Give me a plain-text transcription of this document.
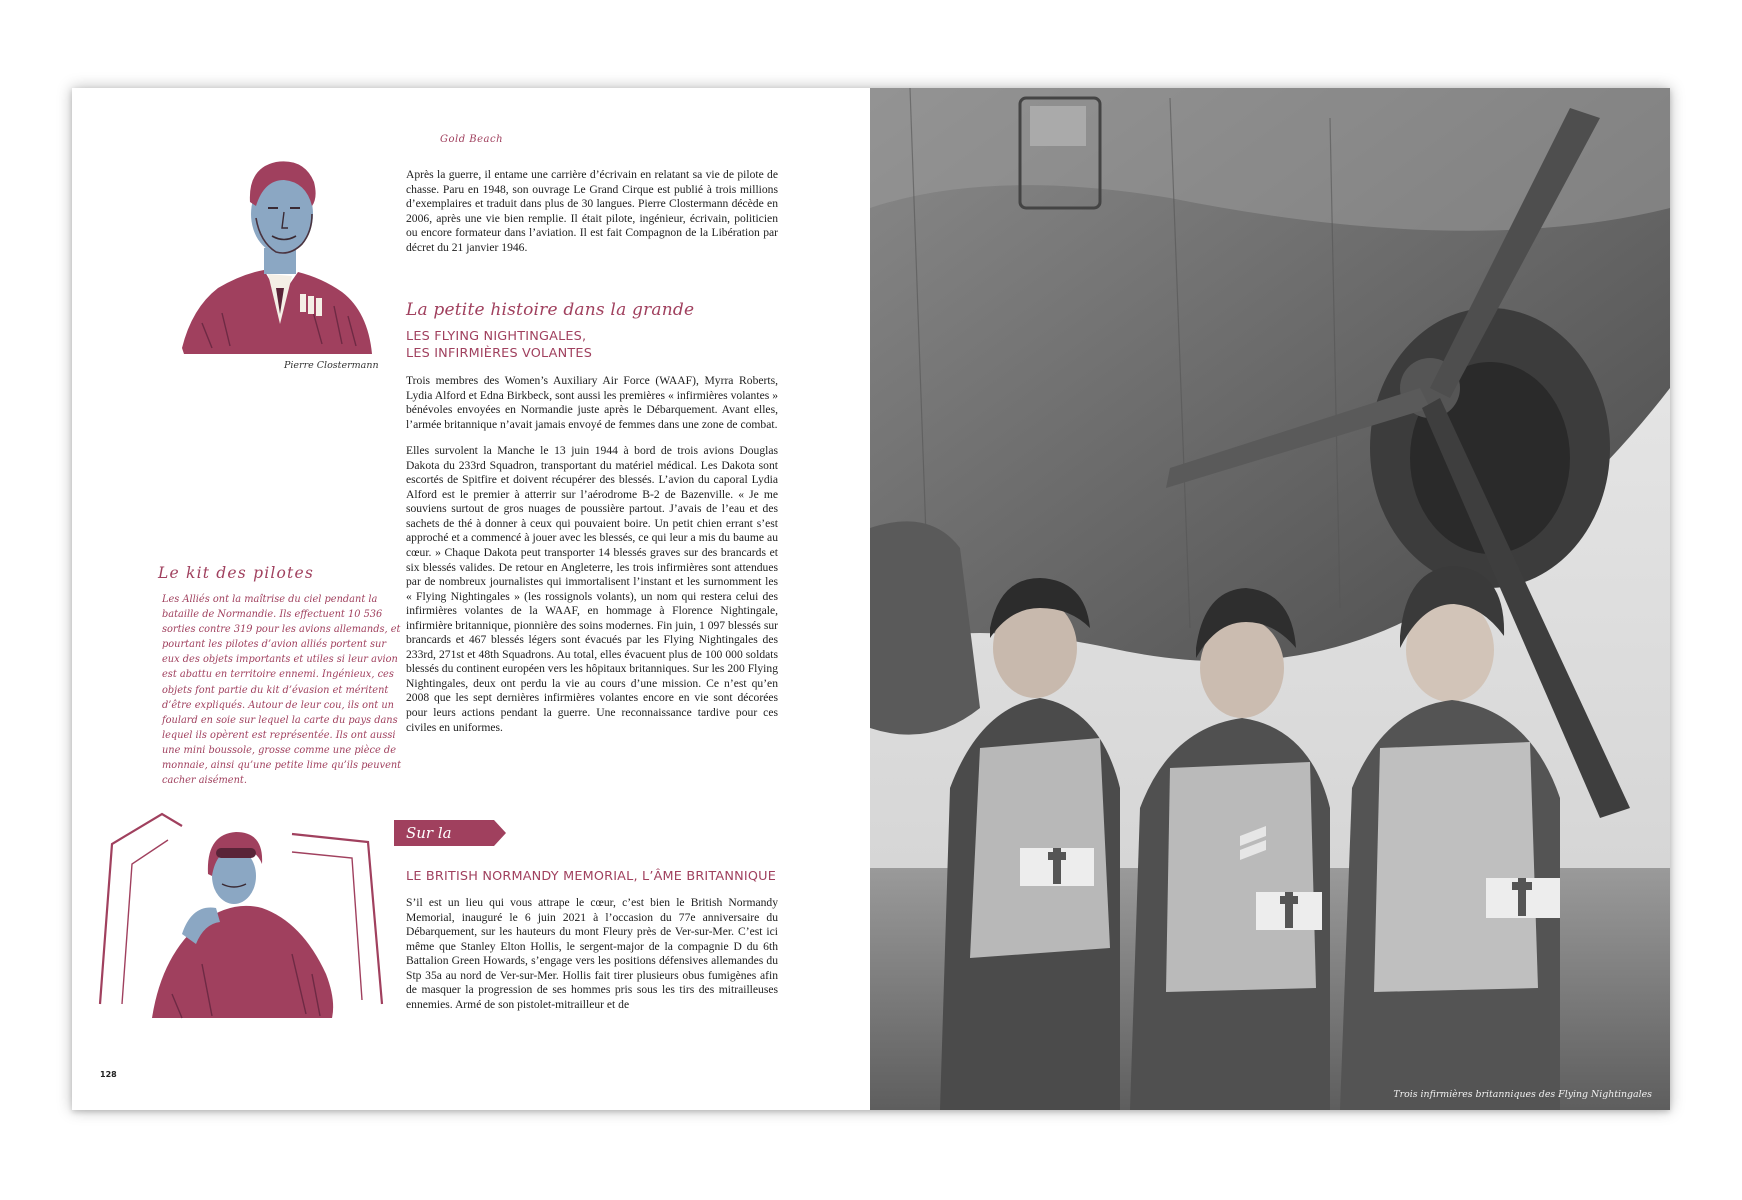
Gold Beach
Pierre Clostermann

Après la guerre, il entame une carrière d’écrivain en relatant sa vie de pilote de chasse. Paru en 1948, son ouvrage Le Grand Cirque est publié à trois millions d’exemplaires et traduit dans plus de 30 langues. Pierre Clostermann décède en 2006, après une vie bien remplie. Il était pilote, ingénieur, écrivain, politicien ou encore formateur dans l’aviation. Il est fait Compagnon de la Libération par décret du 21 janvier 1946.

La petite histoire dans la grande
LES FLYING NIGHTINGALES,
LES INFIRMIÈRES VOLANTES

Trois membres des Women’s Auxiliary Air Force (WAAF), Myrra Roberts, Lydia Alford et Edna Birkbeck, sont aussi les premières « infirmières volantes » bénévoles envoyées en Normandie juste après le Débarquement. Avant elles, l’armée britannique n’avait jamais envoyé de femmes dans une zone de combat.

Elles survolent la Manche le 13 juin 1944 à bord de trois avions Douglas Dakota du 233rd Squadron, transportant du matériel médical. Les Dakota sont escortés de Spitfire et doivent récupérer des blessés. L’avion du caporal Lydia Alford est le premier à atterrir sur l’aérodrome B-2 de Bazenville. « Je me souviens surtout de gros nuages de poussière partout. J’avais de l’eau et des sachets de thé à donner à ceux qui pouvaient boire. Un petit chien errant s’est approché et a commencé à jouer avec les blessés, ce qui leur a mis du baume au cœur. » Chaque Dakota peut transporter 14 blessés graves sur des brancards et six blessés valides. De retour en Angleterre, les trois infirmières sont attendues par de nombreux journalistes qui immortalisent l’instant et les surnomment les « Flying Nightingales » (les rossignols volants), un nom qui restera celui des infirmières volantes de la WAAF, en hommage à Florence Nightingale, infirmière britannique, pionnière des soins modernes. Fin juin, 1 097 blessés sur brancards et 467 blessés légers sont évacués par les Flying Nightingales des 233rd, 271st et 48th Squadrons. Au total, elles évacuent plus de 100 000 soldats blessés du continent européen vers les hôpitaux britanniques. Sur les 200 Flying Nightingales, deux ont perdu la vie au cours d’une mission. Ce n’est qu’en 2008 que les sept dernières infirmières volantes encore en vie sont décorées pour leurs actions pendant la guerre. Une reconnaissance tardive pour ces civiles en uniformes.

Le kit des pilotes
Les Alliés ont la maîtrise du ciel pendant la bataille de Normandie. Ils effectuent 10 536 sorties contre 319 pour les avions allemands, et pourtant les pilotes d’avion alliés portent sur eux des objets importants et utiles si leur avion est abattu en territoire ennemi. Ingénieux, ces objets font partie du kit d’évasion et méritent d’être expliqués. Autour de leur cou, ils ont un foulard en soie sur lequel la carte du pays dans lequel ils opèrent est représentée. Ils ont aussi une mini boussole, grosse comme une pièce de monnaie, ainsi qu’une petite lime qu’ils peuvent cacher aisément.
Sur la route
LE BRITISH NORMANDY MEMORIAL, L’ÂME BRITANNIQUE

S’il est un lieu qui vous attrape le cœur, c’est bien le British Normandy Memorial, inauguré le 6 juin 2021 à l’occasion du 77e anniversaire du Débarquement, sur les hauteurs du mont Fleury près de Ver-sur-Mer. C’est ici même que Stanley Elton Hollis, le sergent-major de la compagnie D du 6th Battalion Green Howards, s’engage vers les positions défensives allemandes du Stp 35a au nord de Ver-sur-Mer. Hollis fait tirer plusieurs obus fumigènes afin de masquer la progression de ses hommes pris sous les tirs des mitrailleuses ennemies. Armé de son pistolet-mitrailleur et de

128
Trois infirmières britanniques des Flying Nightingales
